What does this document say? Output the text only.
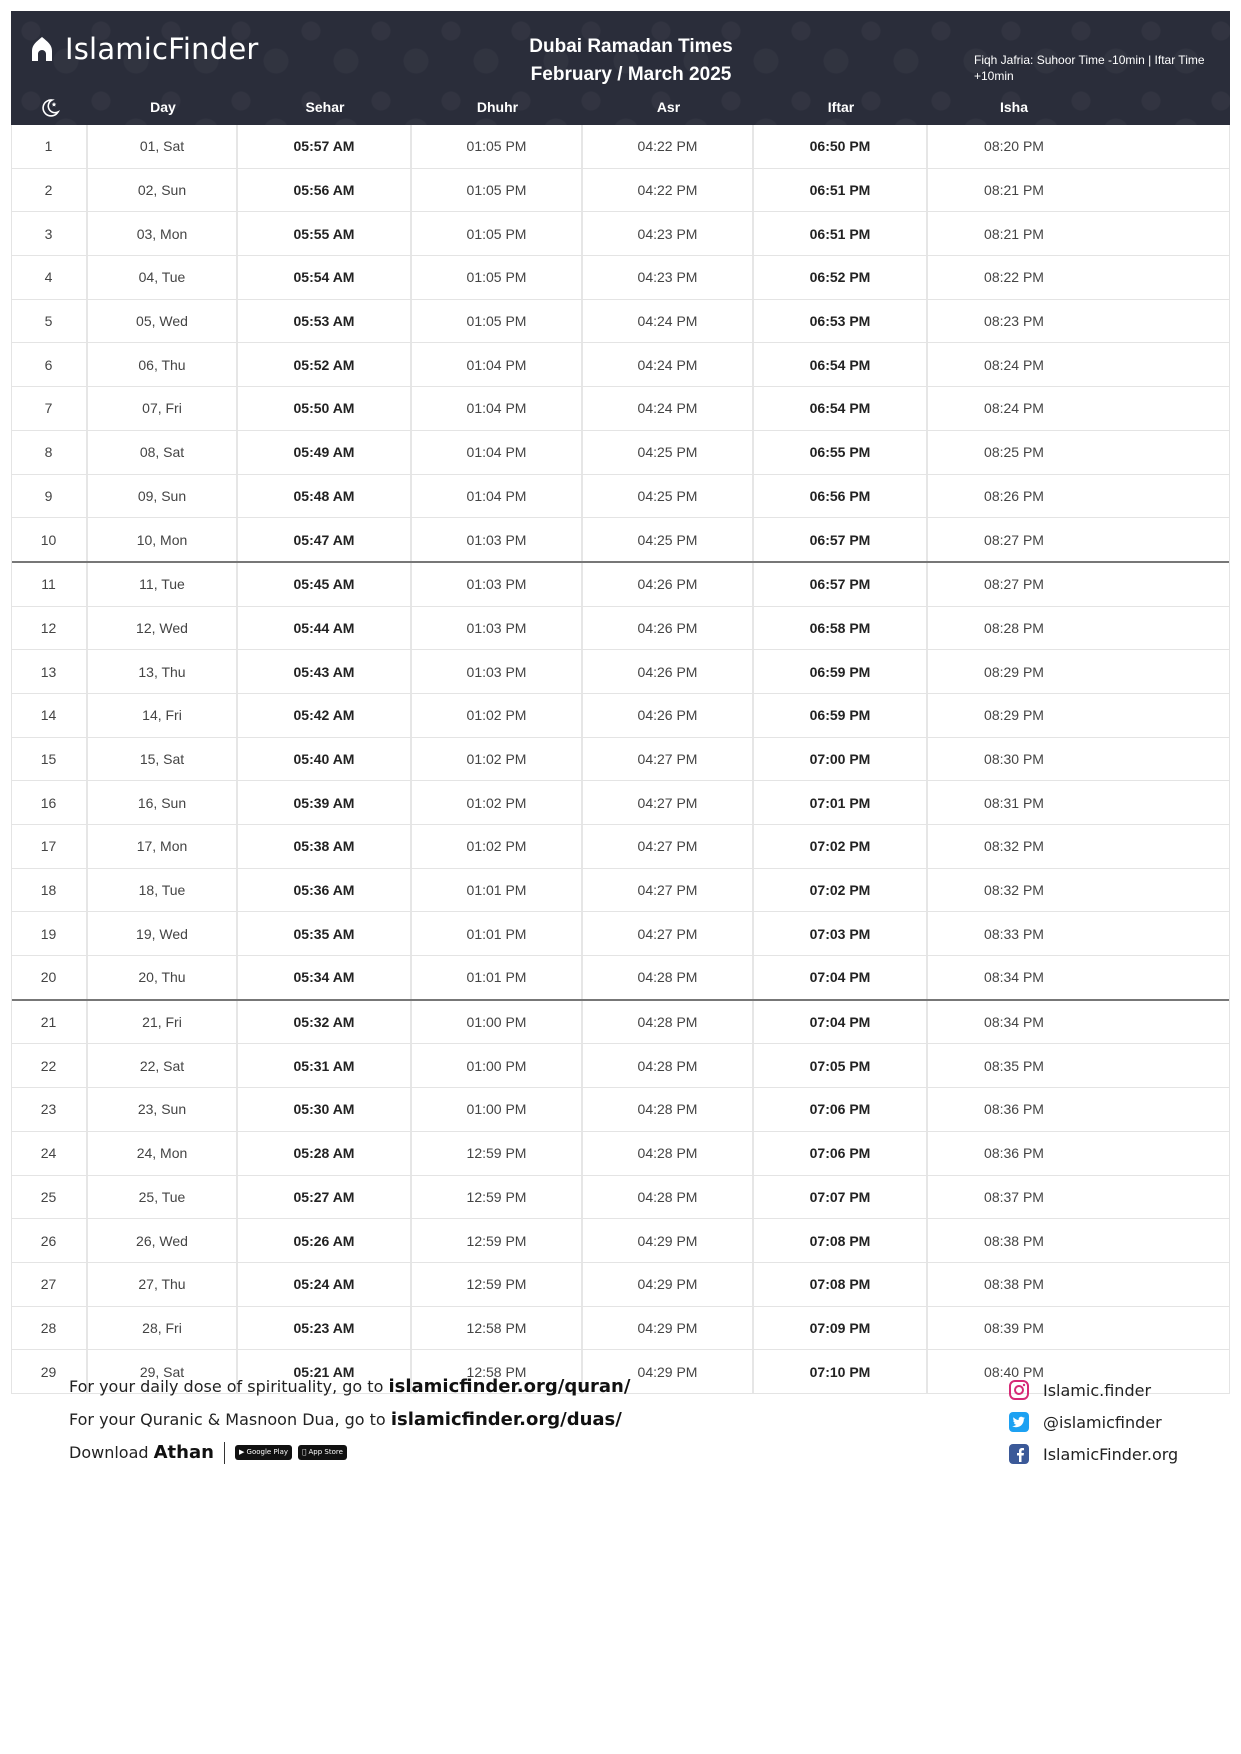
IslamicFinder	Dubai Ramadan Times
February / March 2025
Fiqh Jafria: Suhoor Time -10min | Iftar Time +10min
Day	Sehar	Dhuhr	Asr	Iftar	Isha
1	01, Sat	05:57 AM	01:05 PM	04:22 PM	06:50 PM	08:20 PM
2	02, Sun	05:56 AM	01:05 PM	04:22 PM	06:51 PM	08:21 PM
3	03, Mon	05:55 AM	01:05 PM	04:23 PM	06:51 PM	08:21 PM
4	04, Tue	05:54 AM	01:05 PM	04:23 PM	06:52 PM	08:22 PM
5	05, Wed	05:53 AM	01:05 PM	04:24 PM	06:53 PM	08:23 PM
6	06, Thu	05:52 AM	01:04 PM	04:24 PM	06:54 PM	08:24 PM
7	07, Fri	05:50 AM	01:04 PM	04:24 PM	06:54 PM	08:24 PM
8	08, Sat	05:49 AM	01:04 PM	04:25 PM	06:55 PM	08:25 PM
9	09, Sun	05:48 AM	01:04 PM	04:25 PM	06:56 PM	08:26 PM
10	10, Mon	05:47 AM	01:03 PM	04:25 PM	06:57 PM	08:27 PM
11	11, Tue	05:45 AM	01:03 PM	04:26 PM	06:57 PM	08:27 PM
12	12, Wed	05:44 AM	01:03 PM	04:26 PM	06:58 PM	08:28 PM
13	13, Thu	05:43 AM	01:03 PM	04:26 PM	06:59 PM	08:29 PM
14	14, Fri	05:42 AM	01:02 PM	04:26 PM	06:59 PM	08:29 PM
15	15, Sat	05:40 AM	01:02 PM	04:27 PM	07:00 PM	08:30 PM
16	16, Sun	05:39 AM	01:02 PM	04:27 PM	07:01 PM	08:31 PM
17	17, Mon	05:38 AM	01:02 PM	04:27 PM	07:02 PM	08:32 PM
18	18, Tue	05:36 AM	01:01 PM	04:27 PM	07:02 PM	08:32 PM
19	19, Wed	05:35 AM	01:01 PM	04:27 PM	07:03 PM	08:33 PM
20	20, Thu	05:34 AM	01:01 PM	04:28 PM	07:04 PM	08:34 PM
21	21, Fri	05:32 AM	01:00 PM	04:28 PM	07:04 PM	08:34 PM
22	22, Sat	05:31 AM	01:00 PM	04:28 PM	07:05 PM	08:35 PM
23	23, Sun	05:30 AM	01:00 PM	04:28 PM	07:06 PM	08:36 PM
24	24, Mon	05:28 AM	12:59 PM	04:28 PM	07:06 PM	08:36 PM
25	25, Tue	05:27 AM	12:59 PM	04:28 PM	07:07 PM	08:37 PM
26	26, Wed	05:26 AM	12:59 PM	04:29 PM	07:08 PM	08:38 PM
27	27, Thu	05:24 AM	12:59 PM	04:29 PM	07:08 PM	08:38 PM
28	28, Fri	05:23 AM	12:58 PM	04:29 PM	07:09 PM	08:39 PM
29	29, Sat	05:21 AM	12:58 PM	04:29 PM	07:10 PM	08:40 PM
For your daily dose of spirituality, go to islamicfinder.org/quran/
For your Quranic & Masnoon Dua, go to islamicfinder.org/duas/
Download
Athan	▶ Google Play	App Store
Islamic.finder
@islamicfinder
IslamicFinder.org
